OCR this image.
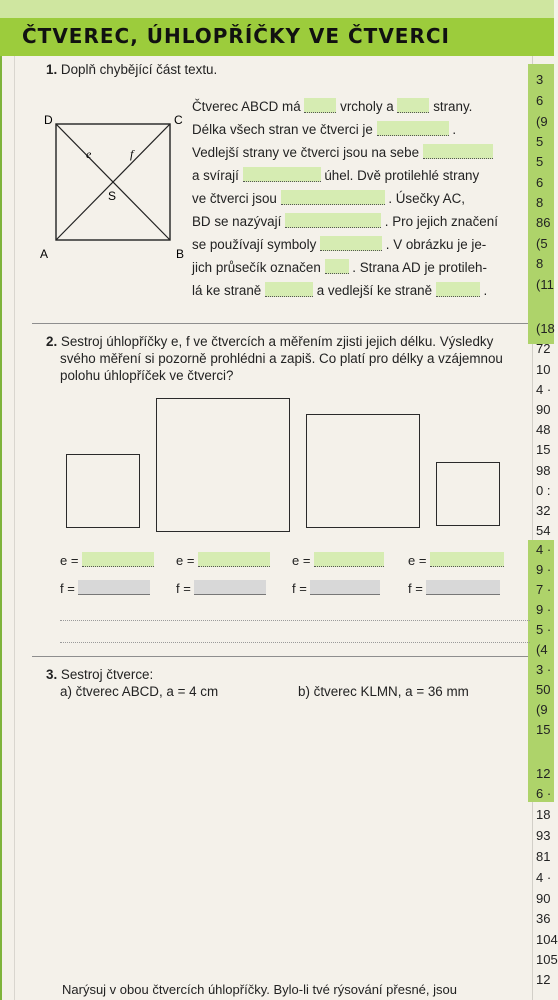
ČTVEREC, ÚHLOPŘÍČKY VE ČTVERCI
3
6
(9
5
5
6
8
86
(5
8
(11
(18
72
10
4 ·
90
48
15
98
0 :
32
54
4 ·
9 ·
7 ·
9 ·
5 ·
(4
3 ·
50
(9
15
12
6 ·
18
93
81
4 ·
90
36
104
105
12
1. Doplň chybějící část textu.
D	C
A	B
S
e	f
Čtverec ABCD má	vrcholy a	strany.
Délka všech stran ve čtverci je	.
Vedlejší strany ve čtverci jsou na sebe
a svírají	úhel. Dvě protilehlé strany
ve čtverci jsou	. Úsečky AC,
BD se nazývají	. Pro jejich značení
se používají symboly	. V obrázku je je-
jich průsečík označen . Strana AD je protileh-
lá ke straně	a vedlejší ke straně	.
2. Sestroj úhlopříčky e, f ve čtvercích a měřením zjisti jejich délku. Výsledky
svého měření si pozorně prohlédni a zapiš. Co platí pro délky a vzájemnou
polohu úhlopříček ve čtverci?
e =	e =	e =	e =
f =	f =	f =	f =
3. Sestroj čtverce:
a) čtverec ABCD, a = 4 cm	b) čtverec KLMN, a = 36 mm
Narýsuj v obou čtvercích úhlopříčky. Bylo-li tvé rýsování přesné, jsou
